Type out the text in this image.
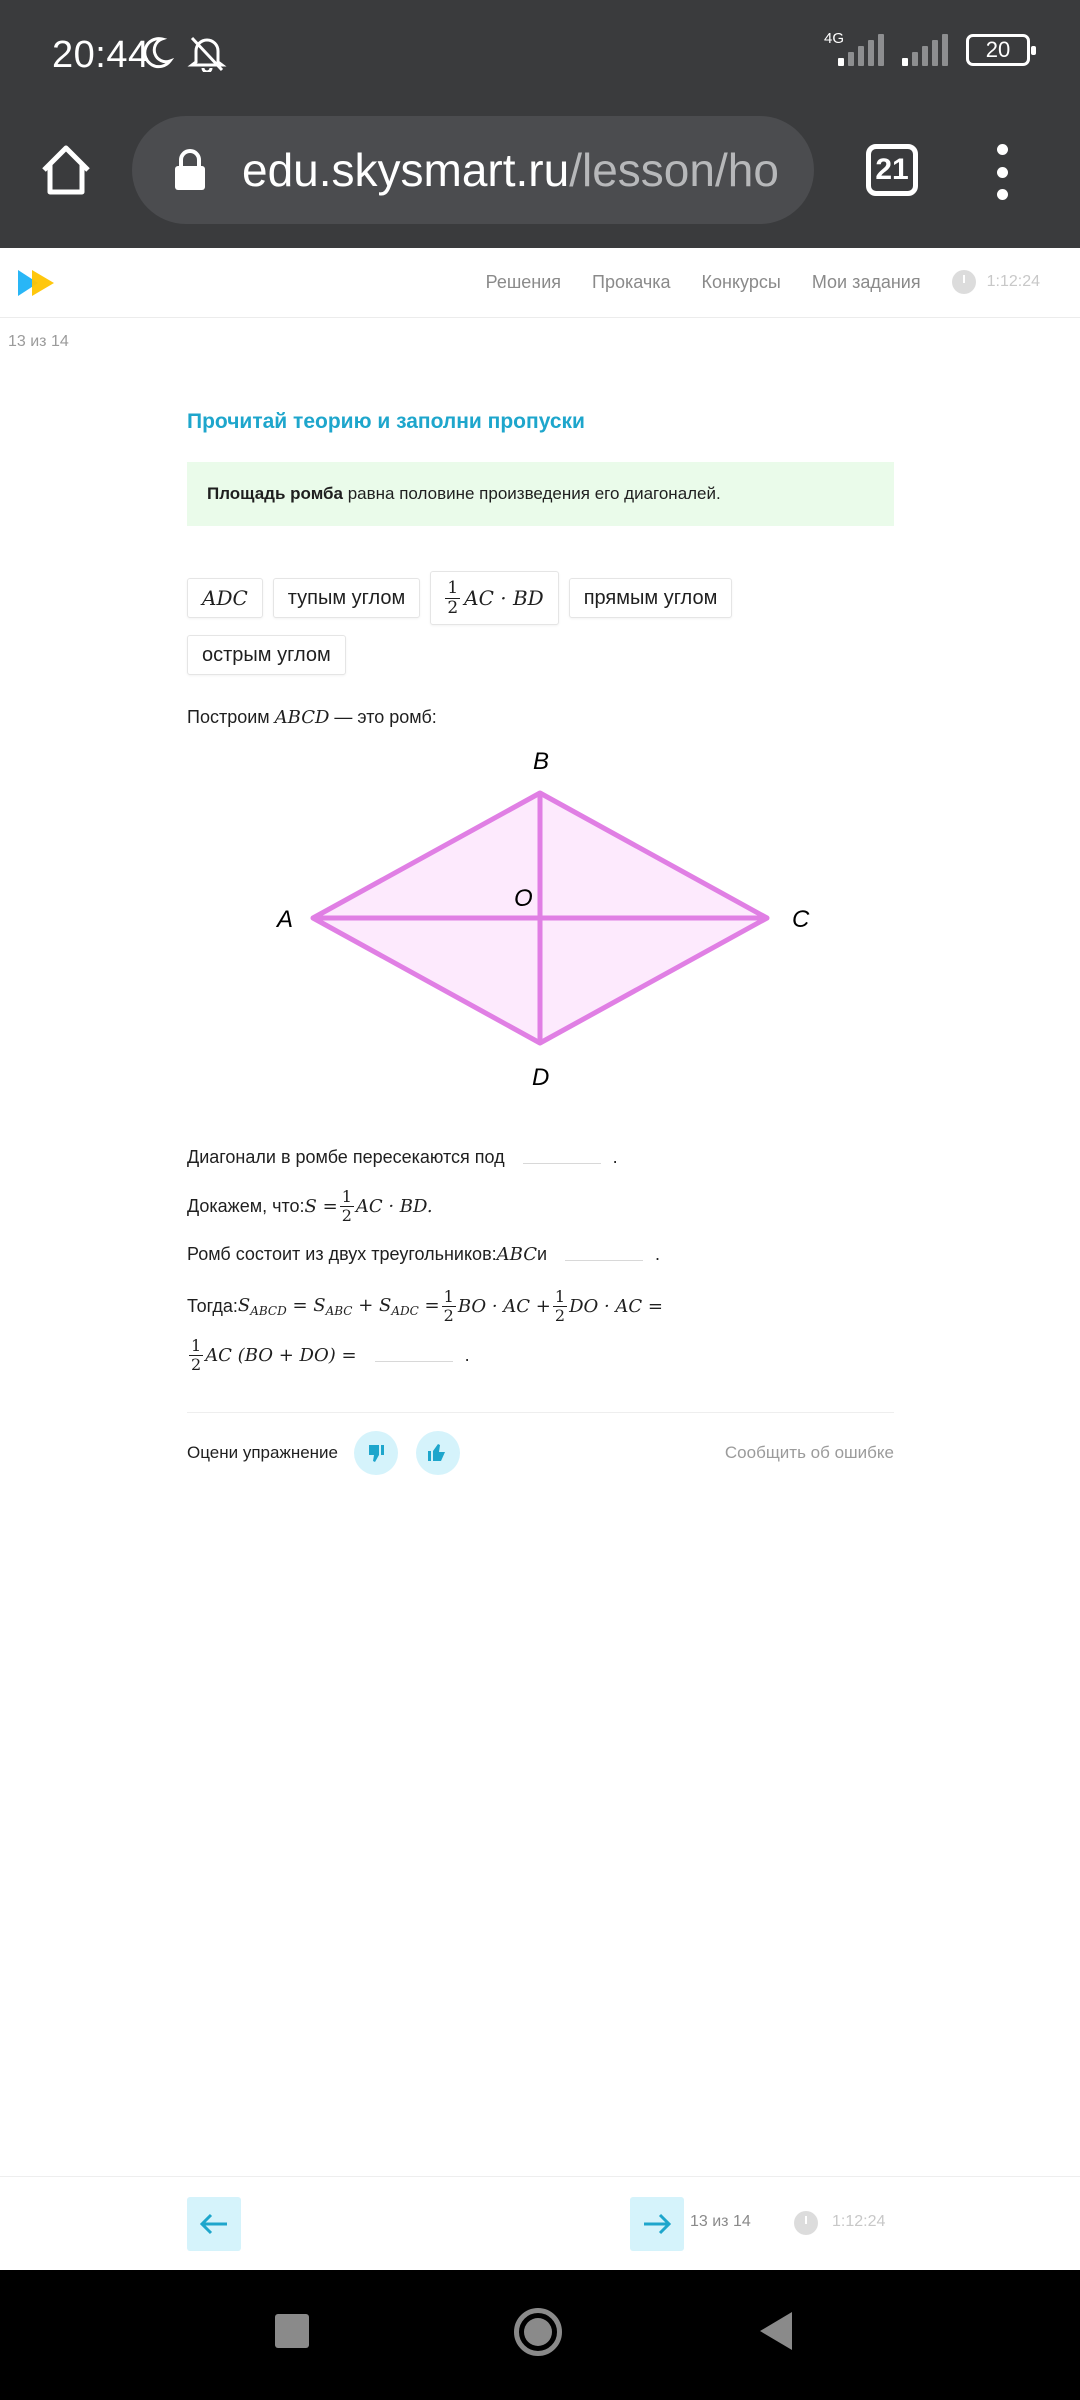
20:44	4G	20
edu.skysmart.ru/lesson/ho	21
Решения Прокачка Конкурсы Мои задания	1:12:24
13 из 14
Прочитай теорию и заполни пропуски
Площадь ромба равна половине произведения его диагоналей.
ADC	тупым углом	$\frac{1}{2}$ AC · BD	прямым углом
острым углом
Построим ABCD — это ромб:
A
B
C
D
O
Диагонали в ромбе пересекаются под	.
Докажем, что: $S = \frac{1}{2}$ AC · BD.
Ромб состоит из двух треугольников: ABC и	.
Тогда: $S_{ABCD} = S_{ABC} + S_{ADC} = \frac{1}{2}$ BO · AC + $\frac{1}{2}$ DO · AC =
$\frac{1}{2}$ AC (BO + DO) =	.
Оцени упражнение	Сообщить об ошибке
13 из 14	1:12:24
